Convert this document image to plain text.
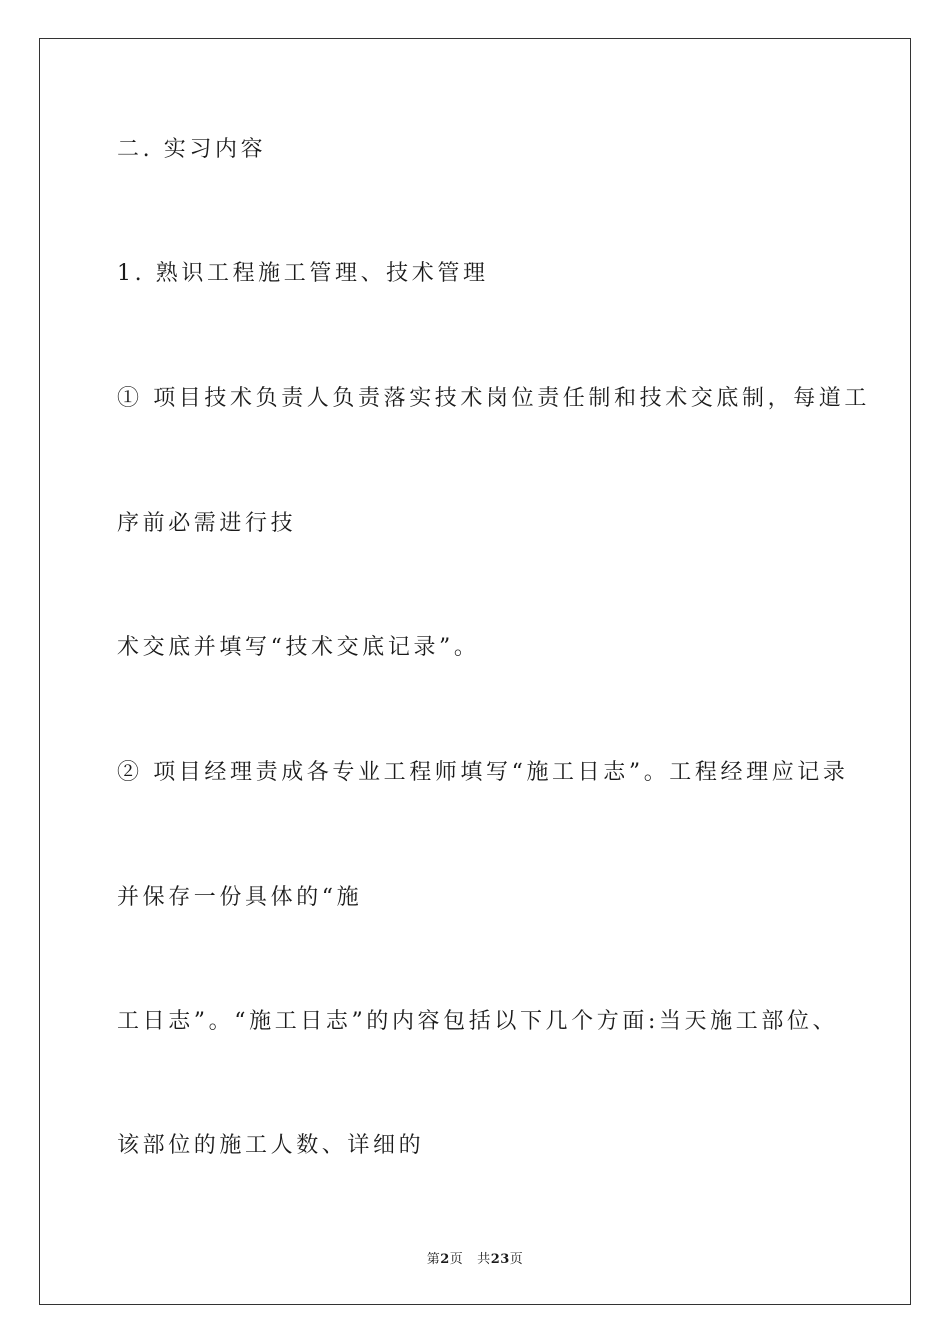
二. 实习内容
1. 熟识工程施工管理、技术管理
① 项目技术负责人负责落实技术岗位责任制和技术交底制，每道工
序前必需进行技
术交底并填写“技术交底记录”。
② 项目经理责成各专业工程师填写“施工日志”。工程经理应记录
并保存一份具体的“施
工日志”。“施工日志”的内容包括以下几个方面:当天施工部位、
该部位的施工人数、详细的
第2页 共23页
